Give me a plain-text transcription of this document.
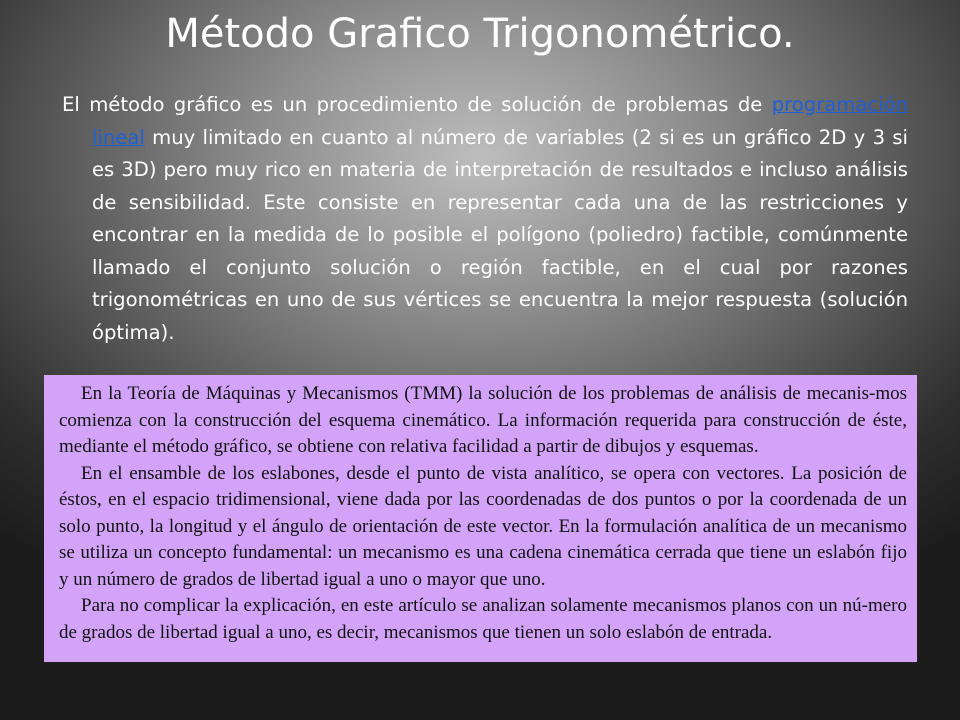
Método Grafico Trigonométrico.

El método gráfico es un procedimiento de solución de problemas de programación lineal muy limitado en cuanto al número de variables (2 si es un gráfico 2D y 3 si es 3D) pero muy rico en materia de interpretación de resultados e incluso análisis de sensibilidad. Este consiste en representar cada una de las restricciones y encontrar en la medida de lo posible el polígono (poliedro) factible, comúnmente llamado el conjunto solución o región factible, en el cual por razones trigonométricas en uno de sus vértices se encuentra la mejor respuesta (solución óptima).

En la Teoría de Máquinas y Mecanismos (TMM) la solución de los problemas de análisis de mecanis-mos comienza con la construcción del esquema cinemático. La información requerida para construcción de éste, mediante el método gráfico, se obtiene con relativa facilidad a partir de dibujos y esquemas.

En el ensamble de los eslabones, desde el punto de vista analítico, se opera con vectores. La posición de éstos, en el espacio tridimensional, viene dada por las coordenadas de dos puntos o por la coordenada de un solo punto, la longitud y el ángulo de orientación de este vector. En la formulación analítica de un mecanismo se utiliza un concepto fundamental: un mecanismo es una cadena cinemática cerrada que tiene un eslabón fijo y un número de grados de libertad igual a uno o mayor que uno.

Para no complicar la explicación, en este artículo se analizan solamente mecanismos planos con un nú-mero de grados de libertad igual a uno, es decir, mecanismos que tienen un solo eslabón de entrada.
